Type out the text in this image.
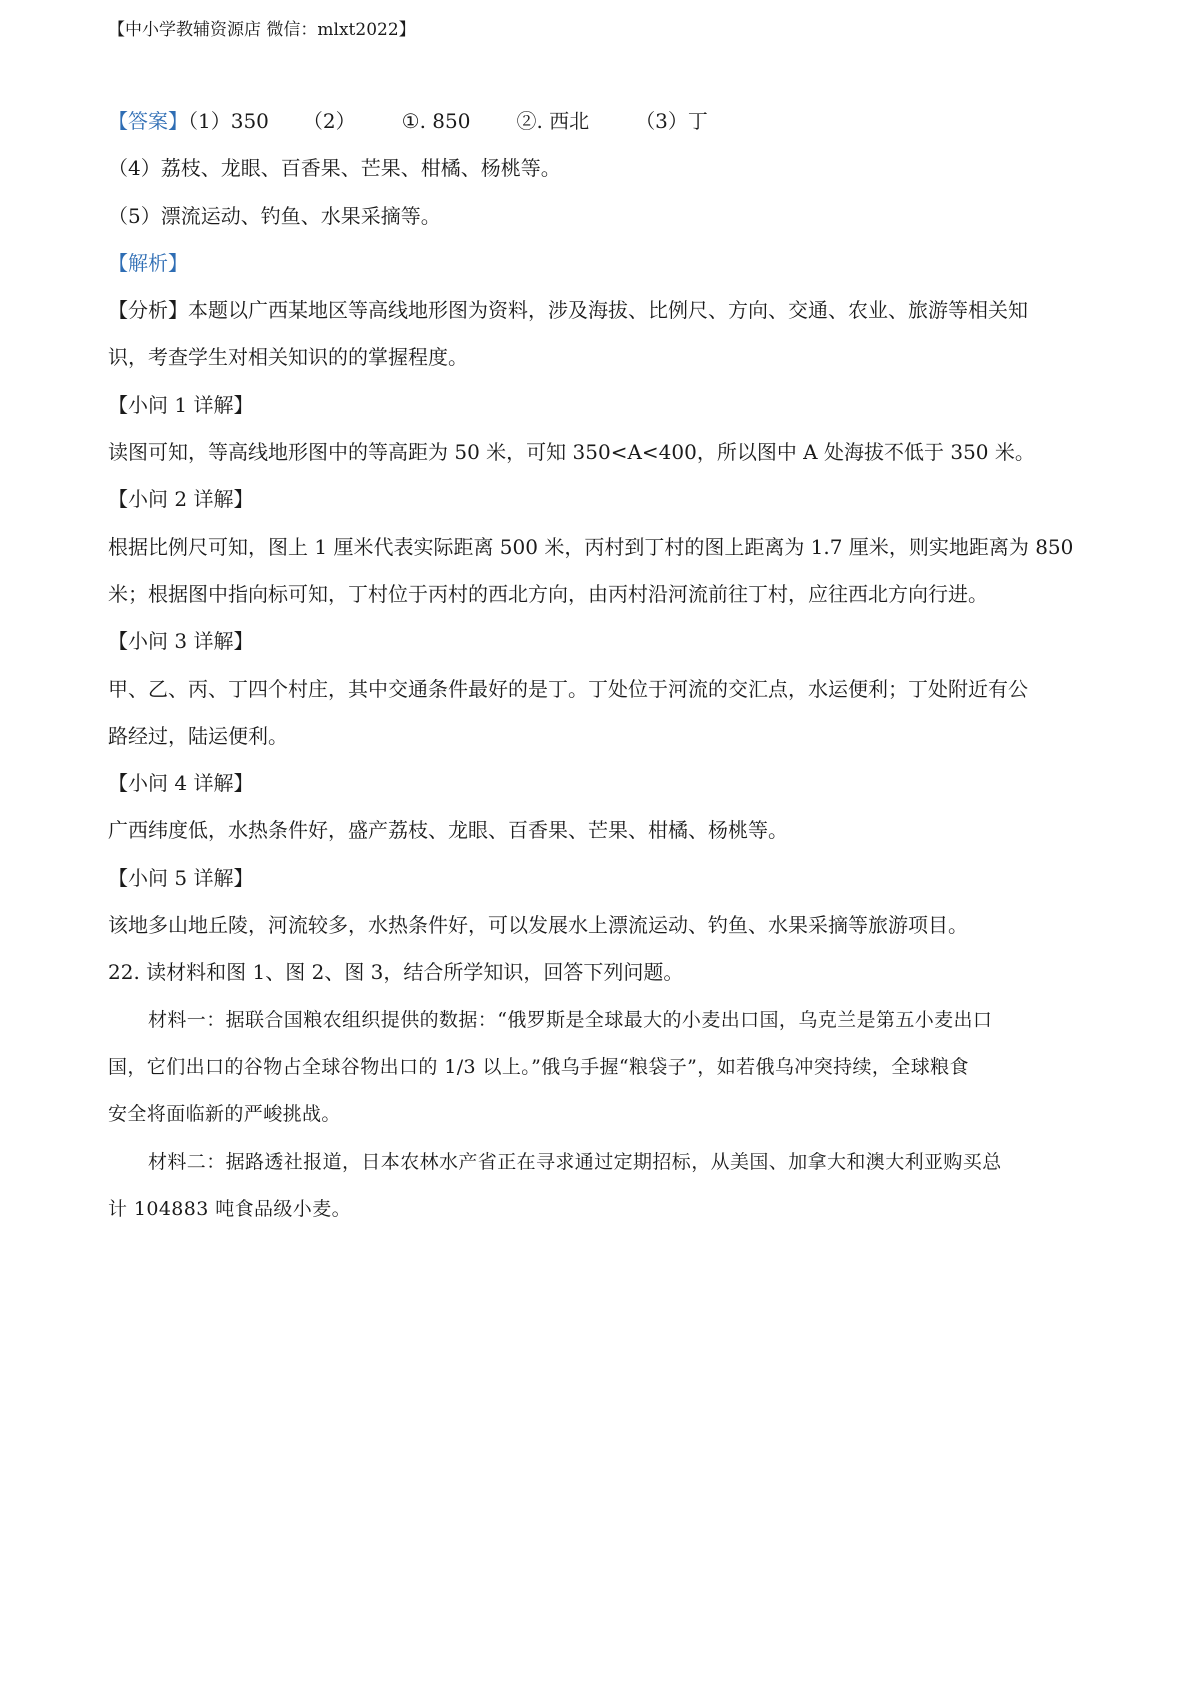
【中小学教辅资源店 微信：mlxt2022】
【答案】（1）350 （2） ①. 850 ②. 西北 （3）丁
（4）荔枝、龙眼、百香果、芒果、柑橘、杨桃等。
（5）漂流运动、钓鱼、水果采摘等。
【解析】
【分析】本题以广西某地区等高线地形图为资料，涉及海拔、比例尺、方向、交通、农业、旅游等相关知
识，考查学生对相关知识的的掌握程度。
【小问 1 详解】
读图可知，等高线地形图中的等高距为 50 米，可知 350<A<400，所以图中 A 处海拔不低于 350 米。
【小问 2 详解】
根据比例尺可知，图上 1 厘米代表实际距离 500 米，丙村到丁村的图上距离为 1.7 厘米，则实地距离为 850
米；根据图中指向标可知，丁村位于丙村的西北方向，由丙村沿河流前往丁村，应往西北方向行进。
【小问 3 详解】
甲、乙、丙、丁四个村庄，其中交通条件最好的是丁。丁处位于河流的交汇点，水运便利；丁处附近有公
路经过，陆运便利。
【小问 4 详解】
广西纬度低，水热条件好，盛产荔枝、龙眼、百香果、芒果、柑橘、杨桃等。
【小问 5 详解】
该地多山地丘陵，河流较多，水热条件好，可以发展水上漂流运动、钓鱼、水果采摘等旅游项目。
22. 读材料和图 1、图 2、图 3，结合所学知识，回答下列问题。
材料一：据联合国粮农组织提供的数据：“俄罗斯是全球最大的小麦出口国，乌克兰是第五小麦出口
国，它们出口的谷物占全球谷物出口的 1/3 以上。”俄乌手握“粮袋子”，如若俄乌冲突持续，全球粮食
安全将面临新的严峻挑战。
材料二：据路透社报道，日本农林水产省正在寻求通过定期招标，从美国、加拿大和澳大利亚购买总
计 104883 吨食品级小麦。
